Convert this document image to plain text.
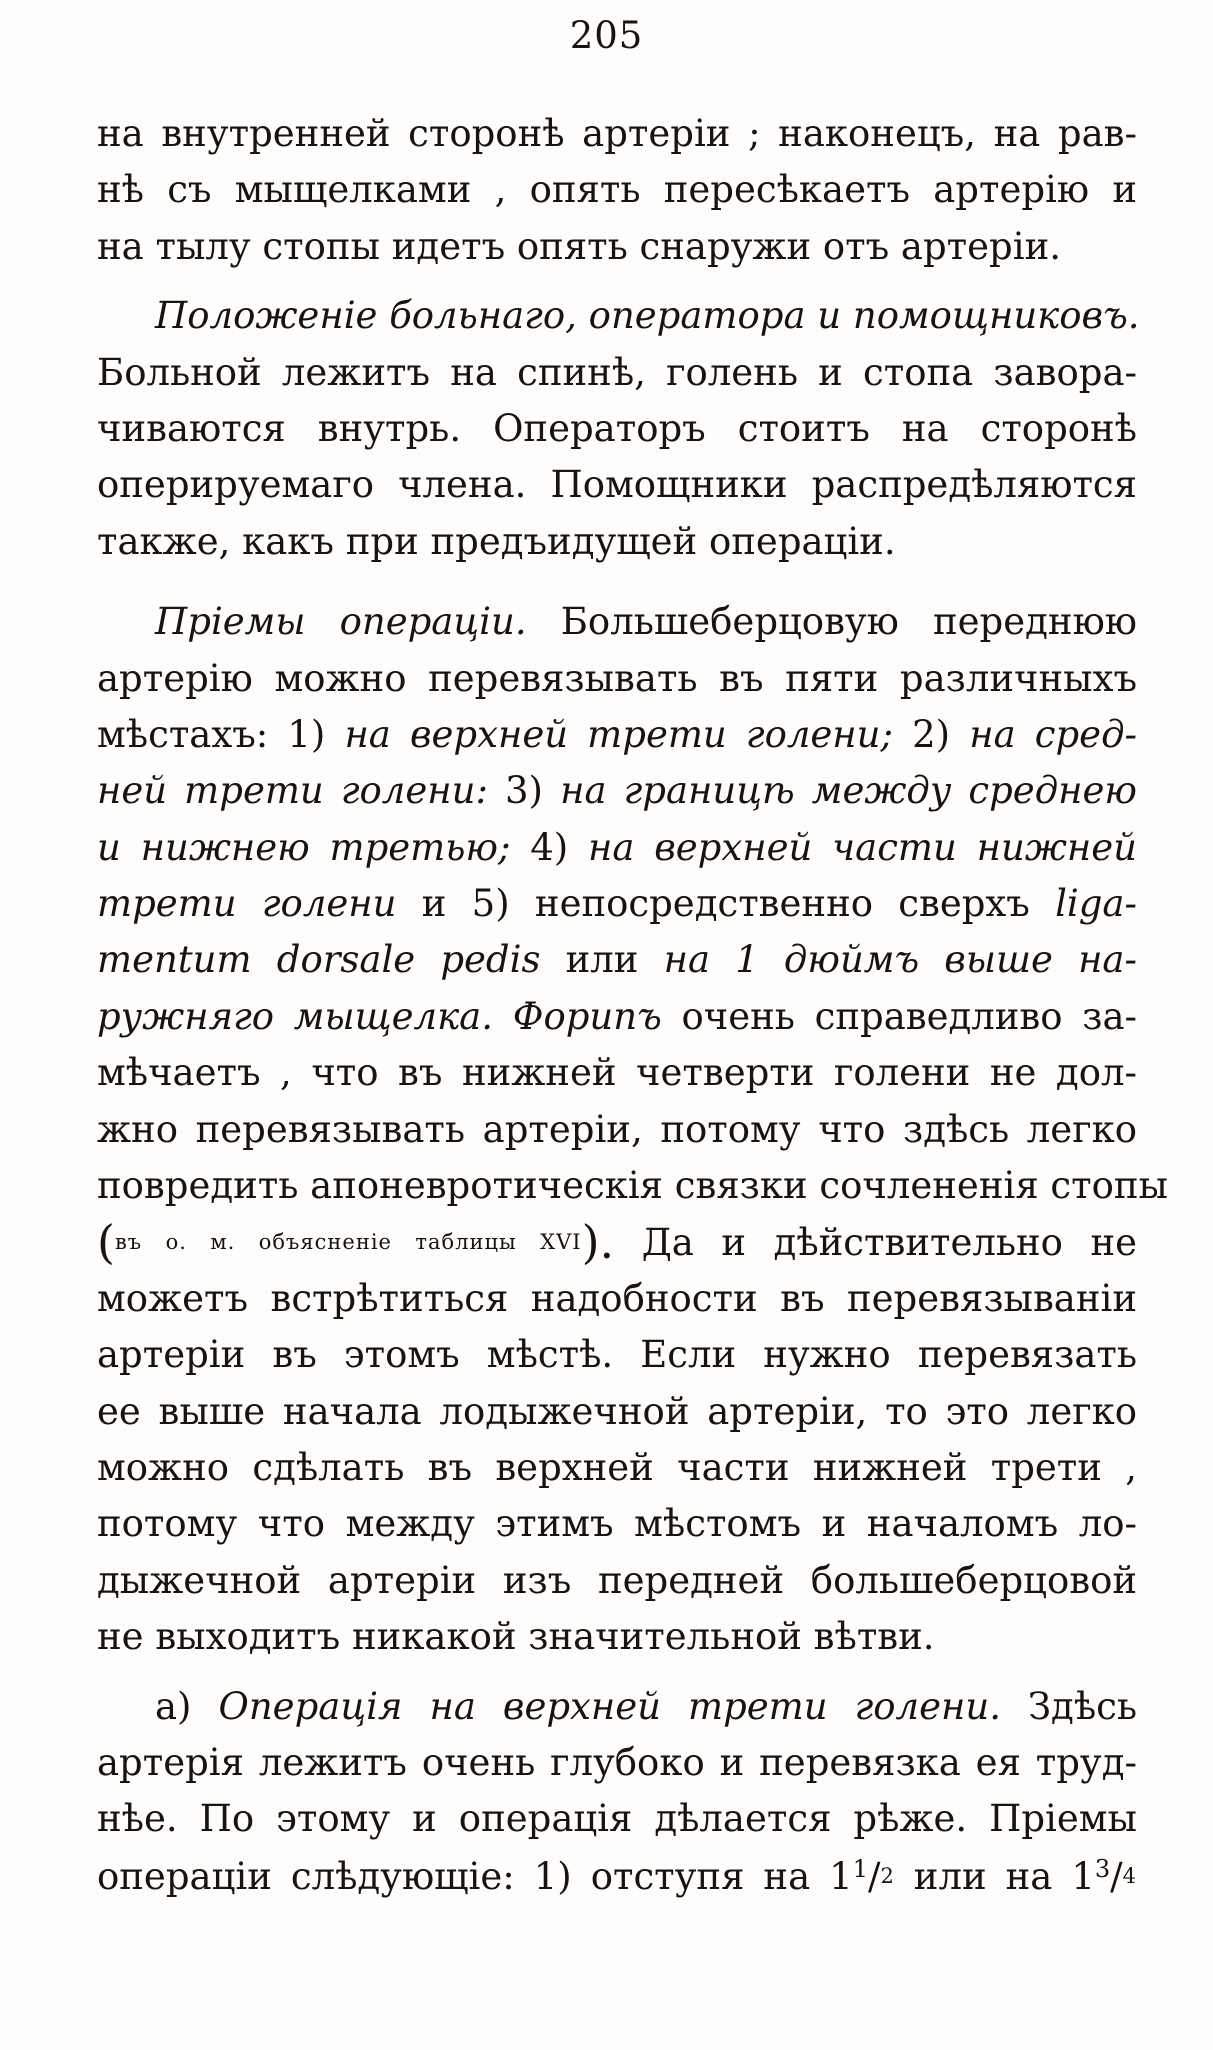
205
на внутренней сторонѣ артеріи ; наконецъ, на рав-
нѣ съ мыщелками , опять пересѣкаетъ артерію и
на тылу стопы идетъ опять снаружи отъ артеріи.
Положеніе больнаго, оператора и помощниковъ.
Больной лежитъ на спинѣ, голень и стопа завора-
чиваются внутрь. Операторъ стоитъ на сторонѣ
оперируемаго члена. Помощники распредѣляются
также, какъ при предъидущей операціи.
Пріемы операціи. Большеберцовую переднюю
артерію можно перевязывать въ пяти различныхъ
мѣстахъ: 1) на верхней трети голени; 2) на сред-
ней трети голени: 3) на границѣ между среднею
и нижнею третью; 4) на верхней части нижней
трети голени и 5) непосредственно сверхъ liga-
mentum dorsale pedis или на 1 дюймъ выше на-
ружняго мыщелка. Форипъ очень справедливо за-
мѣчаетъ , что въ нижней четверти голени не дол-
жно перевязывать артеріи, потому что здѣсь легко
повредить апоневротическія связки сочлененія стопы
(въ о. м. объясненіе таблицы XVI). Да и дѣйствительно не
можетъ встрѣтиться надобности въ перевязываніи
артеріи въ этомъ мѣстѣ. Если нужно перевязать
ее выше начала лодыжечной артеріи, то это легко
можно сдѣлать въ верхней части нижней трети ,
потому что между этимъ мѣстомъ и началомъ ло-
дыжечной артеріи изъ передней большеберцовой
не выходитъ никакой значительной вѣтви.
а) Операція на верхней трети голени. Здѣсь
артерія лежитъ очень глубоко и перевязка ея труд-
нѣе. По этому и операція дѣлается рѣже. Пріемы
операціи слѣдующіе: 1) отступя на $1^1/2$ или на $1^3/4$
